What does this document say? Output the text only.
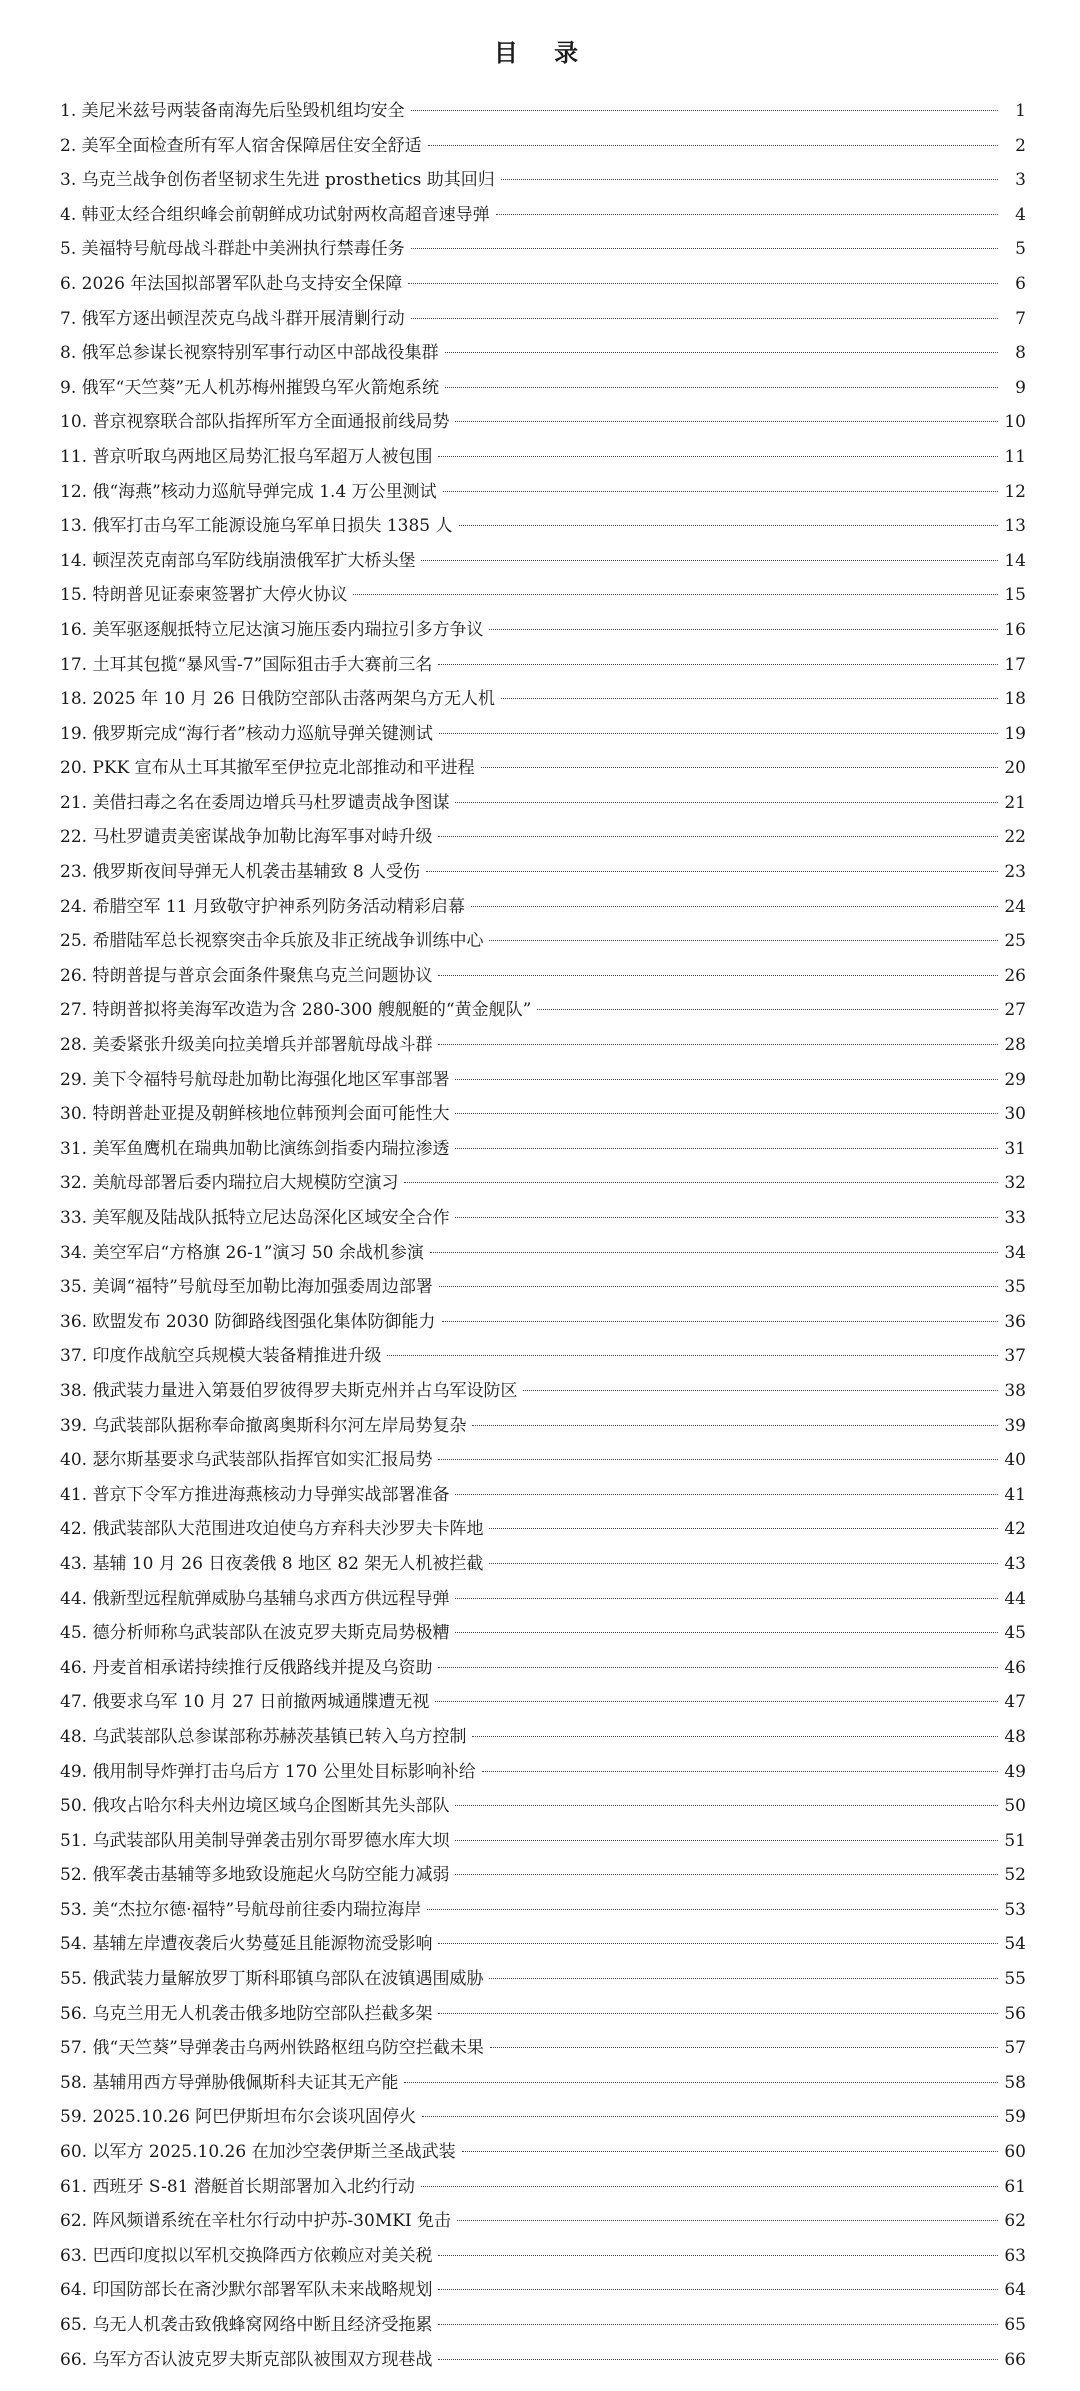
目 录
1. 美尼米兹号两装备南海先后坠毁机组均安全	1
2. 美军全面检查所有军人宿舍保障居住安全舒适	2
3. 乌克兰战争创伤者坚韧求生先进 prosthetics 助其回归	3
4. 韩亚太经合组织峰会前朝鲜成功试射两枚高超音速导弹	4
5. 美福特号航母战斗群赴中美洲执行禁毒任务	5
6. 2026 年法国拟部署军队赴乌支持安全保障	6
7. 俄军方逐出顿涅茨克乌战斗群开展清剿行动	7
8. 俄军总参谋长视察特别军事行动区中部战役集群	8
9. 俄军“天竺葵”无人机苏梅州摧毁乌军火箭炮系统	9
10. 普京视察联合部队指挥所军方全面通报前线局势	10
11. 普京听取乌两地区局势汇报乌军超万人被包围	11
12. 俄“海燕”核动力巡航导弹完成 1.4 万公里测试	12
13. 俄军打击乌军工能源设施乌军单日损失 1385 人	13
14. 顿涅茨克南部乌军防线崩溃俄军扩大桥头堡	14
15. 特朗普见证泰柬签署扩大停火协议	15
16. 美军驱逐舰抵特立尼达演习施压委内瑞拉引多方争议	16
17. 土耳其包揽“暴风雪-7”国际狙击手大赛前三名	17
18. 2025 年 10 月 26 日俄防空部队击落两架乌方无人机	18
19. 俄罗斯完成“海行者”核动力巡航导弹关键测试	19
20. PKK 宣布从土耳其撤军至伊拉克北部推动和平进程	20
21. 美借扫毒之名在委周边增兵马杜罗谴责战争图谋	21
22. 马杜罗谴责美密谋战争加勒比海军事对峙升级	22
23. 俄罗斯夜间导弹无人机袭击基辅致 8 人受伤	23
24. 希腊空军 11 月致敬守护神系列防务活动精彩启幕	24
25. 希腊陆军总长视察突击伞兵旅及非正统战争训练中心	25
26. 特朗普提与普京会面条件聚焦乌克兰问题协议	26
27. 特朗普拟将美海军改造为含 280-300 艘舰艇的“黄金舰队”	27
28. 美委紧张升级美向拉美增兵并部署航母战斗群	28
29. 美下令福特号航母赴加勒比海强化地区军事部署	29
30. 特朗普赴亚提及朝鲜核地位韩预判会面可能性大	30
31. 美军鱼鹰机在瑞典加勒比演练剑指委内瑞拉渗透	31
32. 美航母部署后委内瑞拉启大规模防空演习	32
33. 美军舰及陆战队抵特立尼达岛深化区域安全合作	33
34. 美空军启“方格旗 26-1”演习 50 余战机参演	34
35. 美调“福特”号航母至加勒比海加强委周边部署	35
36. 欧盟发布 2030 防御路线图强化集体防御能力	36
37. 印度作战航空兵规模大装备精推进升级	37
38. 俄武装力量进入第聂伯罗彼得罗夫斯克州并占乌军设防区	38
39. 乌武装部队据称奉命撤离奥斯科尔河左岸局势复杂	39
40. 瑟尔斯基要求乌武装部队指挥官如实汇报局势	40
41. 普京下令军方推进海燕核动力导弹实战部署准备	41
42. 俄武装部队大范围进攻迫使乌方弃科夫沙罗夫卡阵地	42
43. 基辅 10 月 26 日夜袭俄 8 地区 82 架无人机被拦截	43
44. 俄新型远程航弹威胁乌基辅乌求西方供远程导弹	44
45. 德分析师称乌武装部队在波克罗夫斯克局势极糟	45
46. 丹麦首相承诺持续推行反俄路线并提及乌资助	46
47. 俄要求乌军 10 月 27 日前撤两城通牒遭无视	47
48. 乌武装部队总参谋部称苏赫茨基镇已转入乌方控制	48
49. 俄用制导炸弹打击乌后方 170 公里处目标影响补给	49
50. 俄攻占哈尔科夫州边境区域乌企图断其先头部队	50
51. 乌武装部队用美制导弹袭击别尔哥罗德水库大坝	51
52. 俄军袭击基辅等多地致设施起火乌防空能力减弱	52
53. 美“杰拉尔德·福特”号航母前往委内瑞拉海岸	53
54. 基辅左岸遭夜袭后火势蔓延且能源物流受影响	54
55. 俄武装力量解放罗丁斯科耶镇乌部队在波镇遇围威胁	55
56. 乌克兰用无人机袭击俄多地防空部队拦截多架	56
57. 俄“天竺葵”导弹袭击乌两州铁路枢纽乌防空拦截未果	57
58. 基辅用西方导弹胁俄佩斯科夫证其无产能	58
59. 2025.10.26 阿巴伊斯坦布尔会谈巩固停火	59
60. 以军方 2025.10.26 在加沙空袭伊斯兰圣战武装	60
61. 西班牙 S-81 潜艇首长期部署加入北约行动	61
62. 阵风频谱系统在辛杜尔行动中护苏-30MKI 免击	62
63. 巴西印度拟以军机交换降西方依赖应对美关税	63
64. 印国防部长在斋沙默尔部署军队未来战略规划	64
65. 乌无人机袭击致俄蜂窝网络中断且经济受拖累	65
66. 乌军方否认波克罗夫斯克部队被围双方现巷战	66
